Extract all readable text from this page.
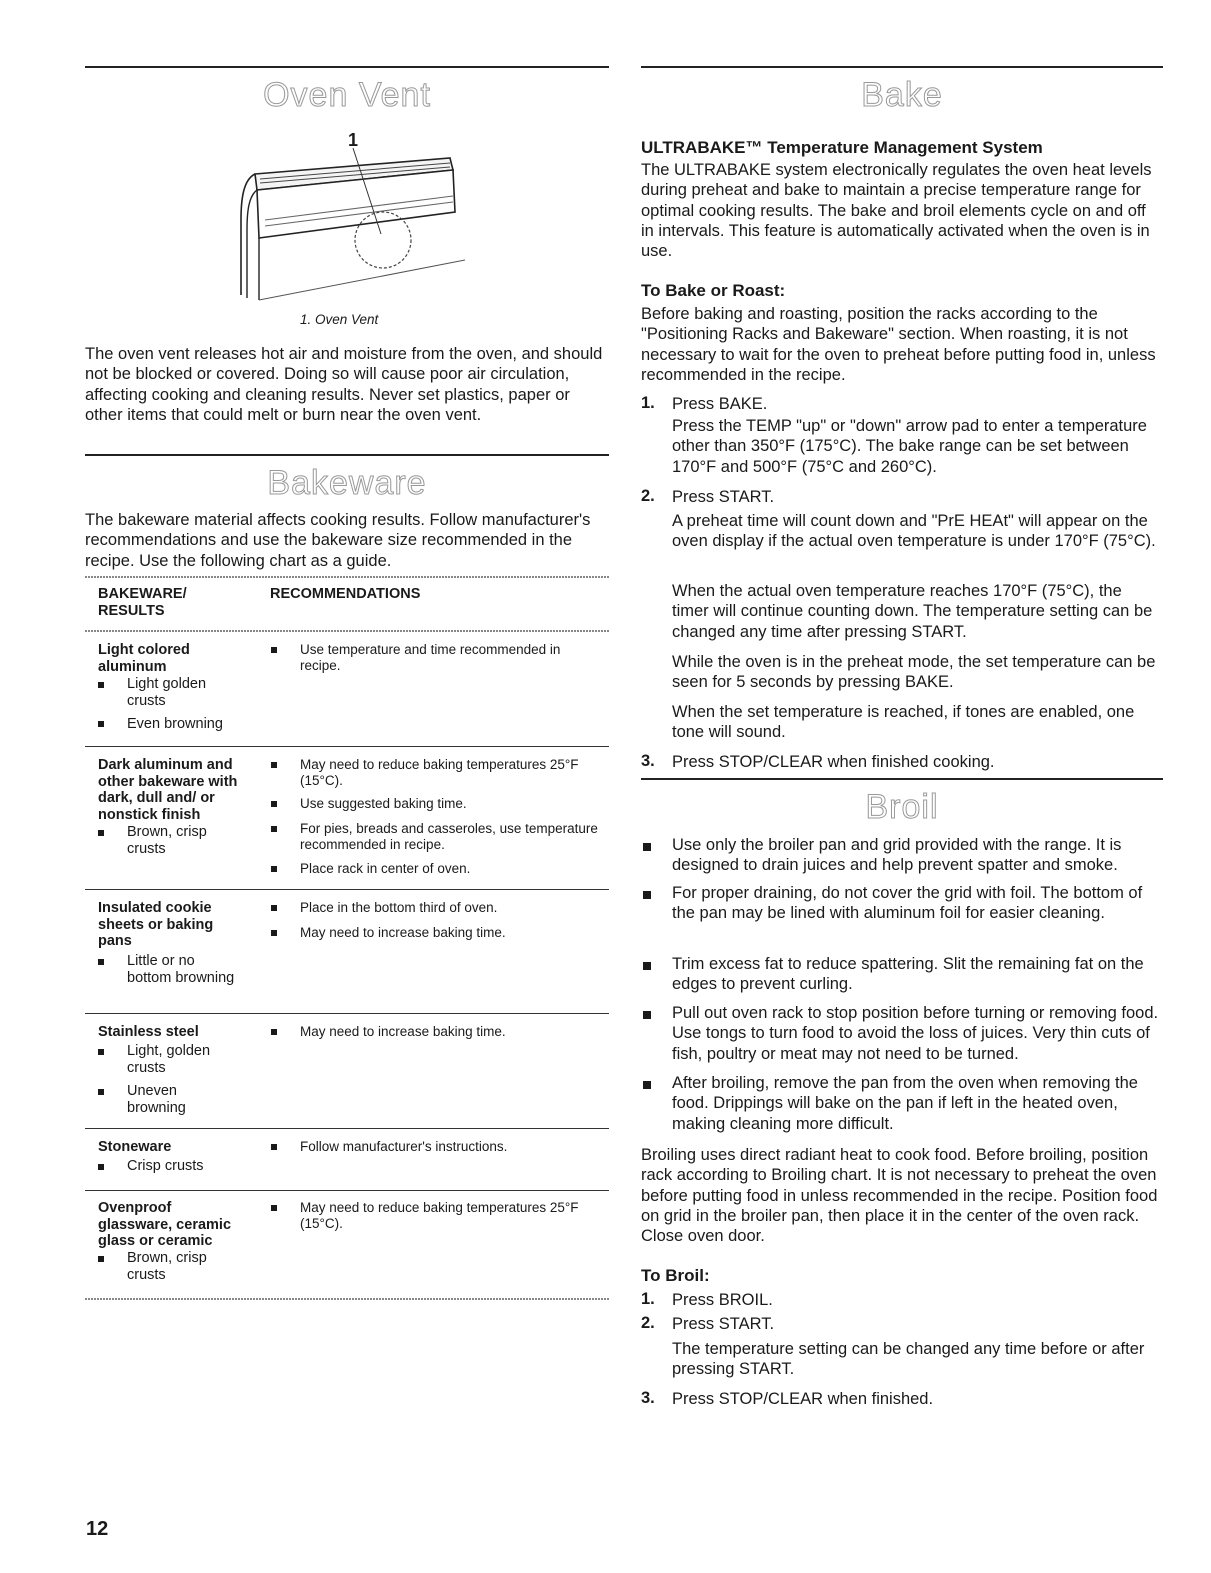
Oven Vent
1
1. Oven Vent

The oven vent releases hot air and moisture from the oven, and should not be blocked or covered. Doing so will cause poor air circulation, affecting cooking and cleaning results. Never set plastics, paper or other items that could melt or burn near the oven vent.

Bakeware

The bakeware material affects cooking results. Follow manufacturer's recommendations and use the bakeware size recommended in the recipe. Use the following chart as a guide.

BAKEWARE/ RESULTS
RECOMMENDATIONS
Light colored aluminum
Light golden crusts
Even browning
Use temperature and time recommended in recipe.
Dark aluminum and other bakeware with dark, dull and/ or nonstick finish
Brown, crisp crusts
May need to reduce baking temperatures 25°F (15°C).
Use suggested baking time.
For pies, breads and casseroles, use temperature recommended in recipe.
Place rack in center of oven.
Insulated cookie sheets or baking pans
Little or no bottom browning
Place in the bottom third of oven.
May need to increase baking time.
Stainless steel
Light, golden crusts
Uneven browning
May need to increase baking time.
Stoneware
Crisp crusts
Follow manufacturer's instructions.
Ovenproof glassware, ceramic glass or ceramic
Brown, crisp crusts
May need to reduce baking temperatures 25°F (15°C).
Bake
ULTRABAKE™ Temperature Management System

The ULTRABAKE system electronically regulates the oven heat levels during preheat and bake to maintain a precise temperature range for optimal cooking results. The bake and broil elements cycle on and off in intervals. This feature is automatically activated when the oven is in use.

To Bake or Roast:

Before baking and roasting, position the racks according to the "Positioning Racks and Bakeware" section. When roasting, it is not necessary to wait for the oven to preheat before putting food in, unless recommended in the recipe.

1. Press BAKE.

Press the TEMP "up" or "down" arrow pad to enter a temperature other than 350°F (175°C). The bake range can be set between 170°F and 500°F (75°C and 260°C).

2. Press START.

A preheat time will count down and "PrE HEAt" will appear on the oven display if the actual oven temperature is under 170°F (75°C).

When the actual oven temperature reaches 170°F (75°C), the timer will continue counting down. The temperature setting can be changed any time after pressing START.

While the oven is in the preheat mode, the set temperature can be seen for 5 seconds by pressing BAKE.

When the set temperature is reached, if tones are enabled, one tone will sound.

3. Press STOP/CLEAR when finished cooking.
Broil

Use only the broiler pan and grid provided with the range. It is designed to drain juices and help prevent spatter and smoke.

For proper draining, do not cover the grid with foil. The bottom of the pan may be lined with aluminum foil for easier cleaning.

Trim excess fat to reduce spattering. Slit the remaining fat on the edges to prevent curling.

Pull out oven rack to stop position before turning or removing food. Use tongs to turn food to avoid the loss of juices. Very thin cuts of fish, poultry or meat may not need to be turned.

After broiling, remove the pan from the oven when removing the food. Drippings will bake on the pan if left in the heated oven, making cleaning more difficult.

Broiling uses direct radiant heat to cook food. Before broiling, position rack according to Broiling chart. It is not necessary to preheat the oven before putting food in unless recommended in the recipe. Position food on grid in the broiler pan, then place it in the center of the oven rack. Close oven door.

To Broil:
1. Press BROIL.
2. Press START.

The temperature setting can be changed any time before or after pressing START.

3. Press STOP/CLEAR when finished.
12
